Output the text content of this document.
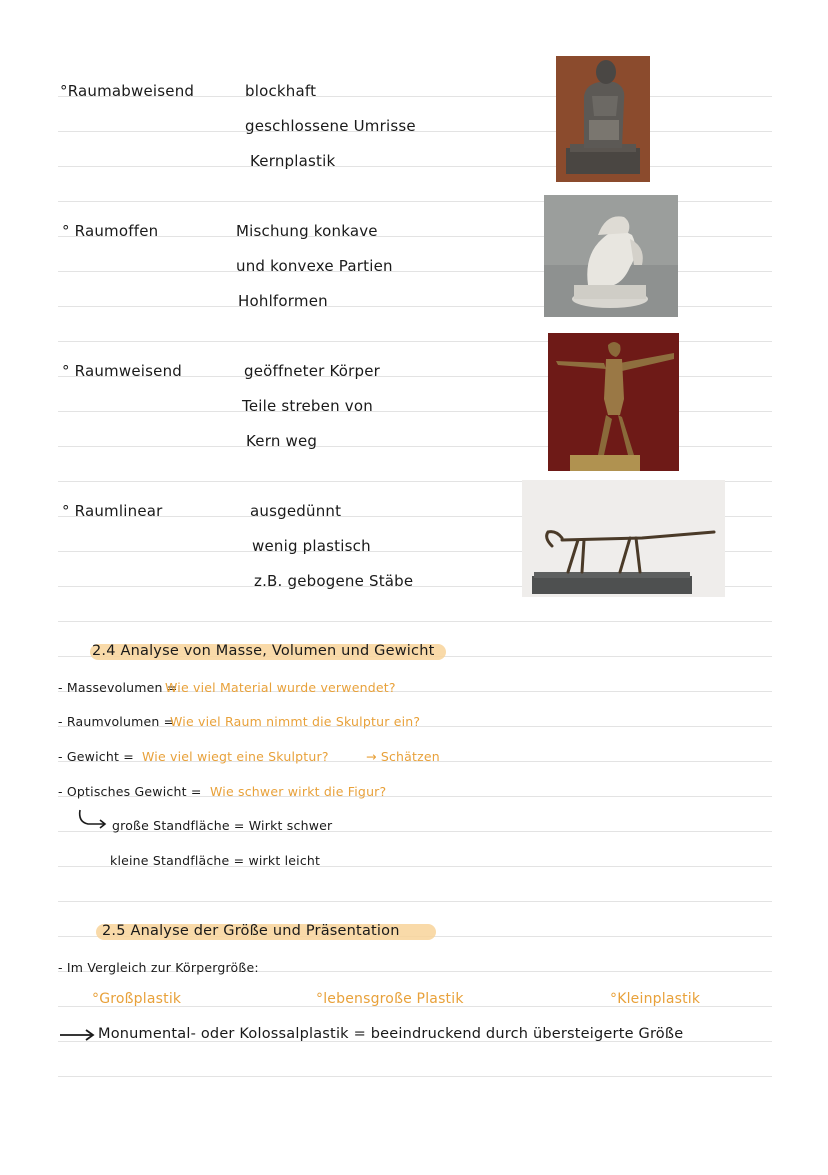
°Raumabweisend	blockhaft
geschlossene Umrisse
Kernplastik
° Raumoffen	Mischung konkave
und konvexe Partien
Hohlformen
° Raumweisend	geöffneter Körper
Teile streben von
Kern weg
° Raumlinear	ausgedünnt
wenig plastisch
z.B. gebogene Stäbe
2.4 Analyse von Masse, Volumen und Gewicht
- Massevolumen =
Wie viel Material wurde verwendet?
- Raumvolumen =
Wie viel Raum nimmt die Skulptur ein?
- Gewicht = Wie viel wiegt eine Skulptur?	→ Schätzen
- Optisches Gewicht = Wie schwer wirkt die Figur?
große Standfläche = Wirkt schwer
kleine Standfläche = wirkt leicht
2.5 Analyse der Größe und Präsentation
- Im Vergleich zur Körpergröße:
°Großplastik	°lebensgroße Plastik	°Kleinplastik
Monumental- oder Kolossalplastik = beeindruckend durch übersteigerte Größe
